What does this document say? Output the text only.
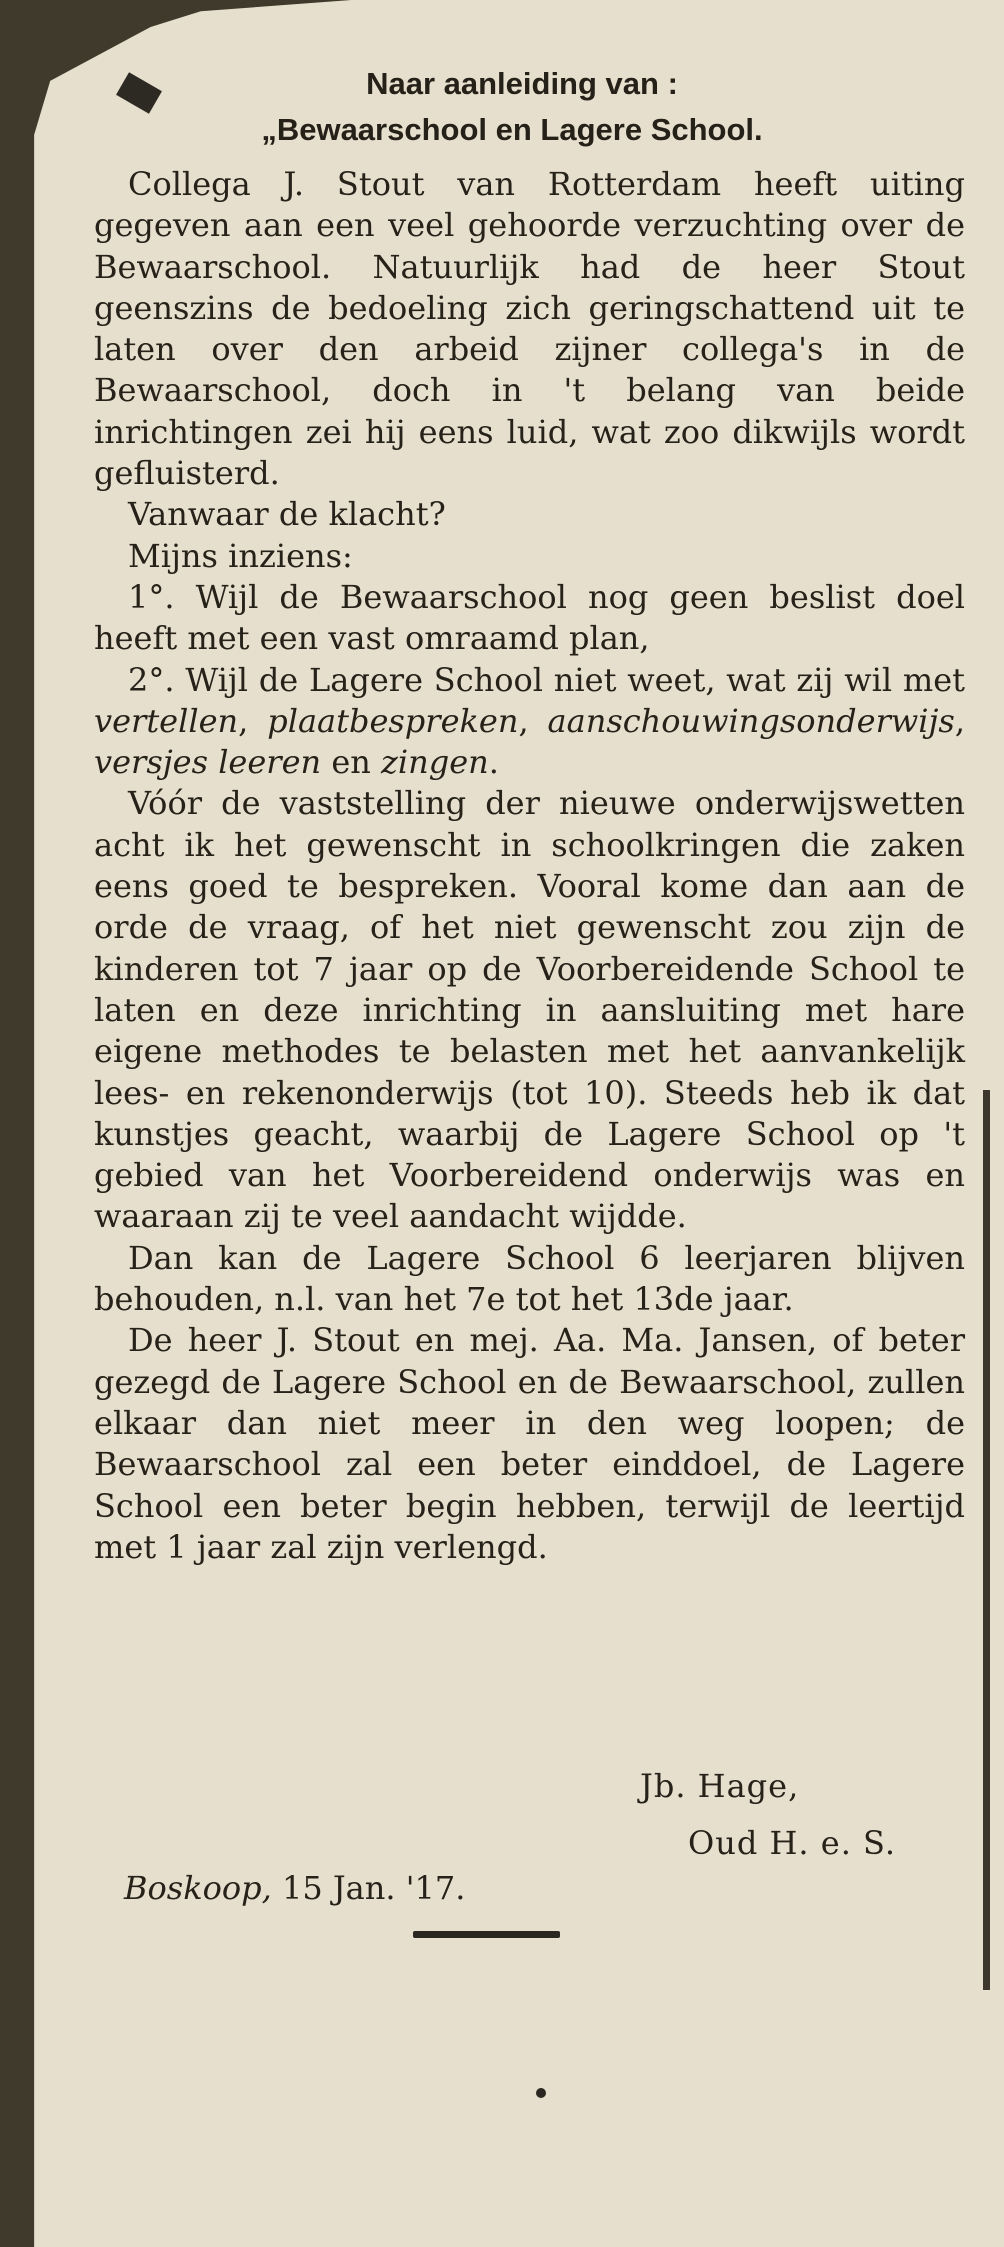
Naar aanleiding van :
„Bewaarschool en Lagere School.

Collega J. Stout van Rotterdam heeft uiting gegeven aan een veel gehoorde verzuchting over de Bewaarschool. Natuurlijk had de heer Stout geenszins de bedoeling zich geringschattend uit te laten over den arbeid zijner collega's in de Bewaarschool, doch in 't belang van beide inrichtingen zei hij eens luid, wat zoo dikwijls wordt gefluisterd.

Vanwaar de klacht?

Mijns inziens:

1°. Wijl de Bewaarschool nog geen beslist doel heeft met een vast omraamd plan,

2°. Wijl de Lagere School niet weet, wat zij wil met vertellen, plaatbespreken, aanschouwingsonderwijs, versjes leeren en zingen.

Vóór de vaststelling der nieuwe onderwijswetten acht ik het gewenscht in schoolkringen die zaken eens goed te bespreken. Vooral kome dan aan de orde de vraag, of het niet gewenscht zou zijn de kinderen tot 7 jaar op de Voorbereidende School te laten en deze inrichting in aansluiting met hare eigene methodes te belasten met het aanvankelijk lees- en rekenonderwijs (tot 10). Steeds heb ik dat kunstjes geacht, waarbij de Lagere School op 't gebied van het Voorbereidend onderwijs was en waaraan zij te veel aandacht wijdde.

Dan kan de Lagere School 6 leerjaren blijven behouden, n.l. van het 7e tot het 13de jaar.

De heer J. Stout en mej. Aa. Ma. Jansen, of beter gezegd de Lagere School en de Bewaarschool, zullen elkaar dan niet meer in den weg loopen; de Bewaarschool zal een beter einddoel, de Lagere School een beter begin hebben, terwijl de leertijd met 1 jaar zal zijn verlengd.

Jb. Hage,
Oud H. e. S.
Boskoop, 15 Jan. '17.
